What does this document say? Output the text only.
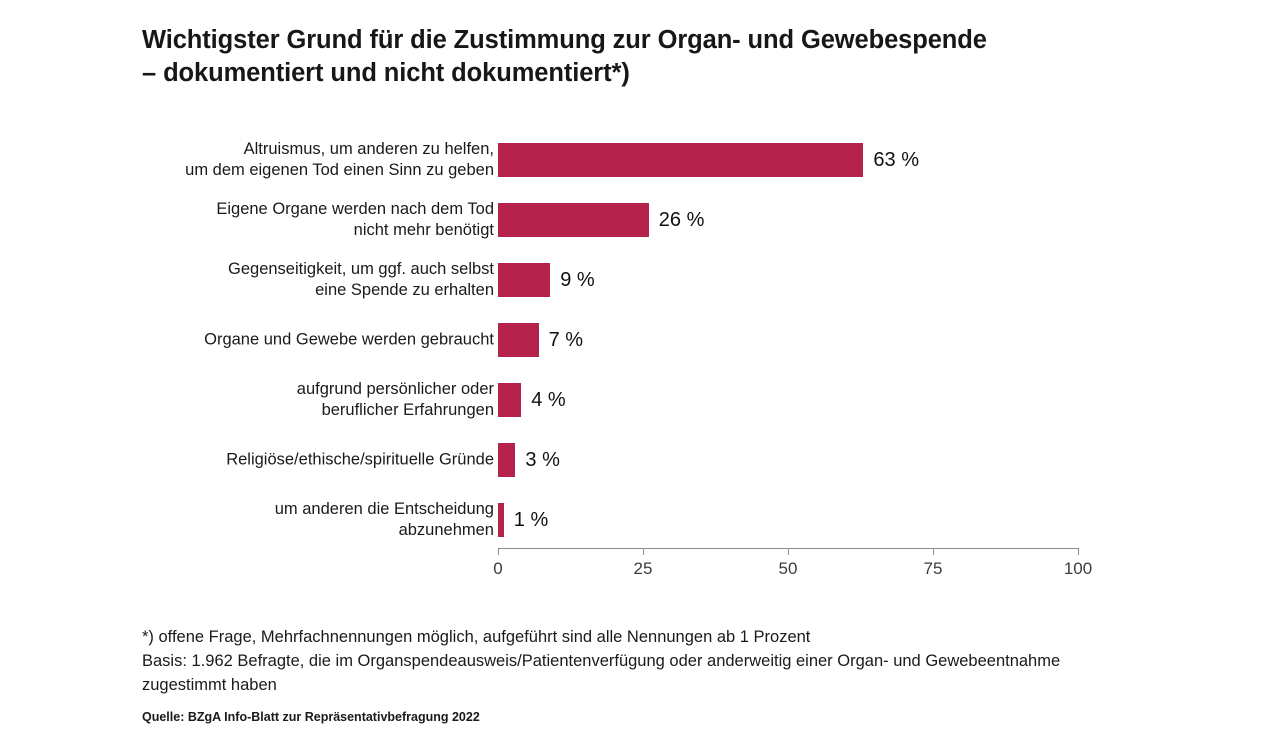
Wichtigster Grund für die Zustimmung zur Organ- und Gewebespende
– dokumentiert und nicht dokumentiert*)
Altruismus, um anderen zu helfen,
um dem eigenen Tod einen Sinn zu geben	63 %
Eigene Organe werden nach dem Tod
nicht mehr benötigt	26 %
Gegenseitigkeit, um ggf. auch selbst
eine Spende zu erhalten	9 %
Organe und Gewebe werden gebraucht	7 %
aufgrund persönlicher oder
beruflicher Erfahrungen 4 %
Religiöse/ethische/spirituelle Gründe 3 %
um anderen die Entscheidung
abzunehmen 1 %
0	25	50	75	100
*) offene Frage, Mehrfachnennungen möglich, aufgeführt sind alle Nennungen ab 1 Prozent
Basis: 1.962 Befragte, die im Organspendeausweis/Patientenverfügung oder anderweitig einer Organ- und Gewebeentnahme
zugestimmt haben
Quelle: BZgA Info-Blatt zur Repräsentativbefragung 2022
